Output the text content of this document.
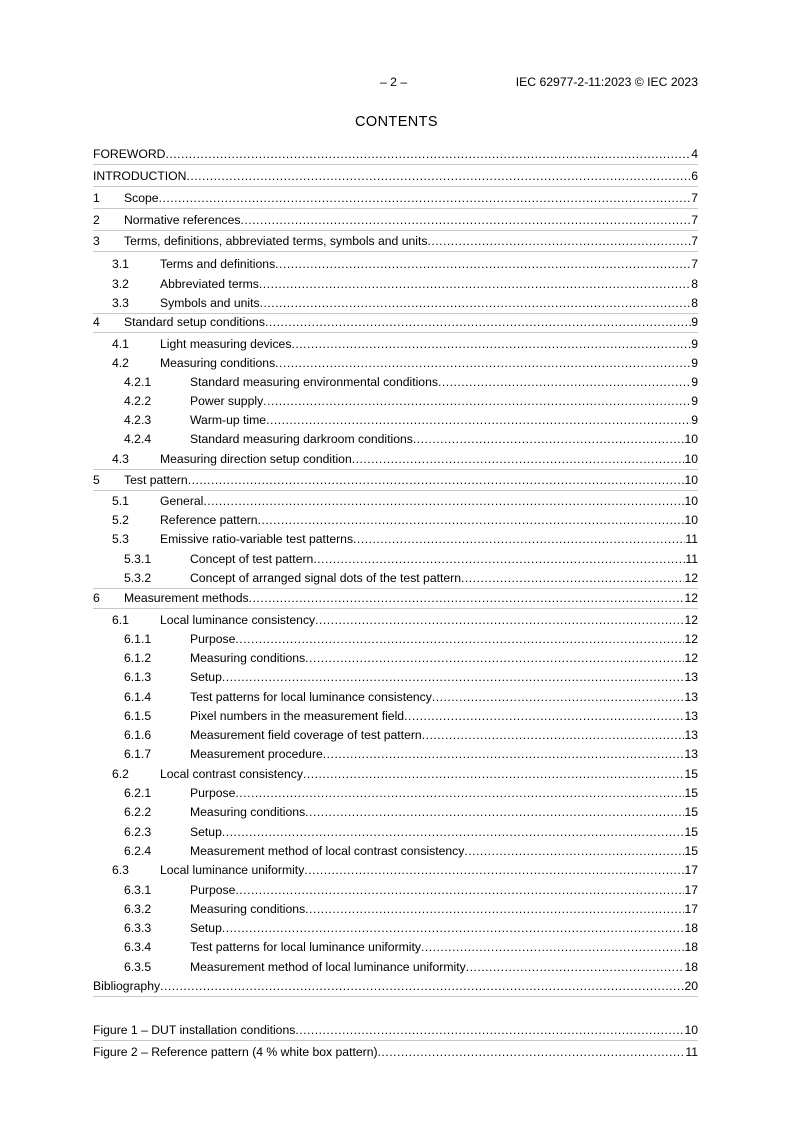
– 2 –	IEC 62977-2-11:2023 © IEC 2023
CONTENTS
FOREWORD .....	4
INTRODUCTION .....	6
1 Scope .....	7
2 Normative references .....	7
3 Terms, definitions, abbreviated terms, symbols and units .....	7
3.1	Terms and definitions .....	7
3.2	Abbreviated terms .....	8
3.3	Symbols and units .....	8
4 Standard setup conditions .....	9
4.1	Light measuring devices .....	9
4.2	Measuring conditions .....	9
4.2.1	Standard measuring environmental conditions .....	9
4.2.2	Power supply .....	9
4.2.3	Warm-up time .....	9
4.2.4	Standard measuring darkroom conditions .....	10
4.3	Measuring direction setup condition .....	10
5 Test pattern .....	10
5.1	General .....	10
5.2	Reference pattern .....	10
5.3	Emissive ratio-variable test patterns .....	11
5.3.1	Concept of test pattern .....	11
5.3.2	Concept of arranged signal dots of the test pattern .....	12
6 Measurement methods .....	12
6.1	Local luminance consistency .....	12
6.1.1	Purpose .....	12
6.1.2	Measuring conditions .....	12
6.1.3	Setup .....	13
6.1.4	Test patterns for local luminance consistency .....	13
6.1.5	Pixel numbers in the measurement field .....	13
6.1.6	Measurement field coverage of test pattern .....	13
6.1.7	Measurement procedure .....	13
6.2	Local contrast consistency .....	15
6.2.1	Purpose .....	15
6.2.2	Measuring conditions .....	15
6.2.3	Setup .....	15
6.2.4	Measurement method of local contrast consistency .....	15
6.3	Local luminance uniformity .....	17
6.3.1	Purpose .....	17
6.3.2	Measuring conditions .....	17
6.3.3	Setup .....	18
6.3.4	Test patterns for local luminance uniformity .....	18
6.3.5	Measurement method of local luminance uniformity .....	18
Bibliography .....	20
Figure 1 – DUT installation conditions .....	10
Figure 2 – Reference pattern (4 % white box pattern) .....	11
